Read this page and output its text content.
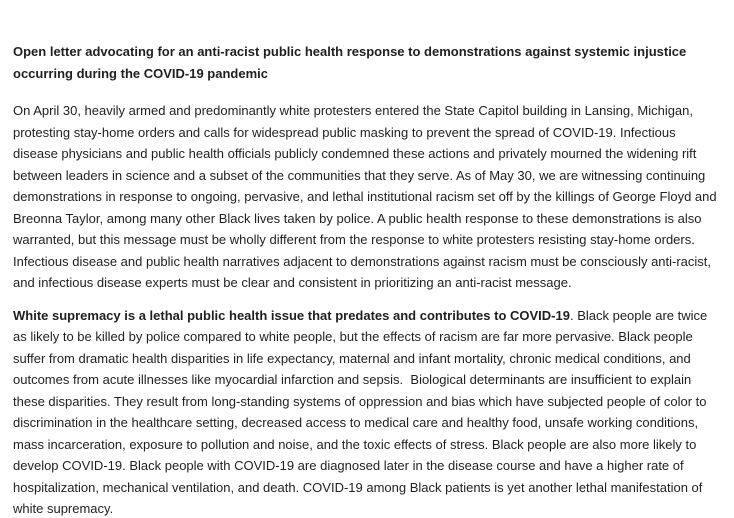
Open letter advocating for an anti-racist public health response to demonstrations against systemic injustice occurring during the COVID-19 pandemic

On April 30, heavily armed and predominantly white protesters entered the State Capitol building in Lansing, Michigan, protesting stay-home orders and calls for widespread public masking to prevent the spread of COVID-19. Infectious disease physicians and public health officials publicly condemned these actions and privately mourned the widening rift between leaders in science and a subset of the communities that they serve. As of May 30, we are witnessing continuing demonstrations in response to ongoing, pervasive, and lethal institutional racism set off by the killings of George Floyd and Breonna Taylor, among many other Black lives taken by police. A public health response to these demonstrations is also warranted, but this message must be wholly different from the response to white protesters resisting stay-home orders. Infectious disease and public health narratives adjacent to demonstrations against racism must be consciously anti-racist, and infectious disease experts must be clear and consistent in prioritizing an anti-racist message.

White supremacy is a lethal public health issue that predates and contributes to COVID-19. Black people are twice as likely to be killed by police compared to white people, but the effects of racism are far more pervasive. Black people suffer from dramatic health disparities in life expectancy, maternal and infant mortality, chronic medical conditions, and outcomes from acute illnesses like myocardial infarction and sepsis.  Biological determinants are insufficient to explain these disparities. They result from long-standing systems of oppression and bias which have subjected people of color to discrimination in the healthcare setting, decreased access to medical care and healthy food, unsafe working conditions, mass incarceration, exposure to pollution and noise, and the toxic effects of stress. Black people are also more likely to develop COVID-19. Black people with COVID-19 are diagnosed later in the disease course and have a higher rate of hospitalization, mechanical ventilation, and death. COVID-19 among Black patients is yet another lethal manifestation of white supremacy.
